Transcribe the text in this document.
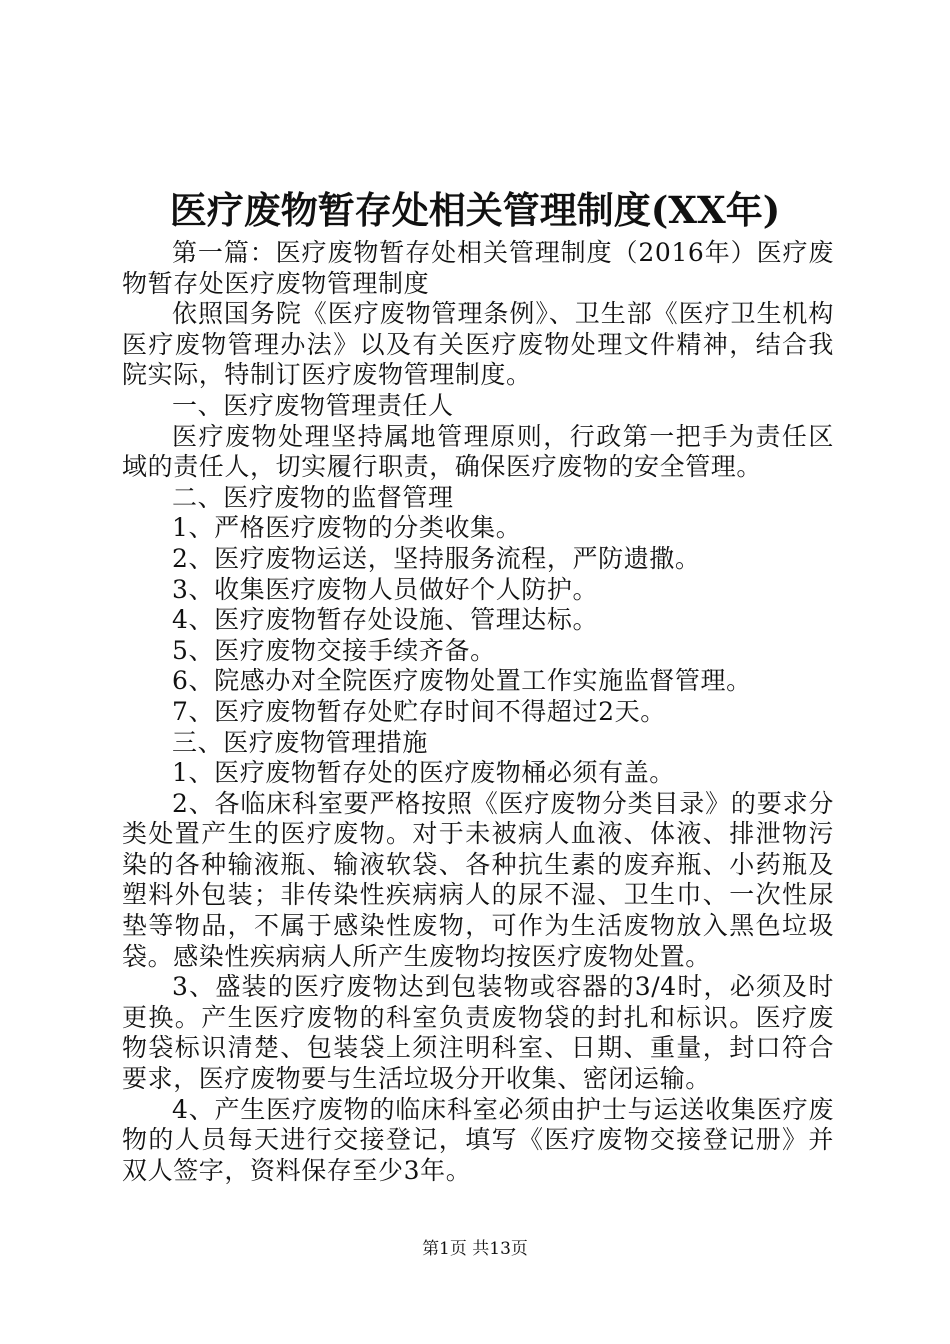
医疗废物暂存处相关管理制度(XX年)

第一篇：医疗废物暂存处相关管理制度（2016年）医疗废物暂存处医疗废物管理制度

依照国务院《医疗废物管理条例》、卫生部《医疗卫生机构医疗废物管理办法》以及有关医疗废物处理文件精神，结合我院实际，特制订医疗废物管理制度。

一、医疗废物管理责任人

医疗废物处理坚持属地管理原则，行政第一把手为责任区域的责任人，切实履行职责，确保医疗废物的安全管理。

二、医疗废物的监督管理

1、严格医疗废物的分类收集。

2、医疗废物运送，坚持服务流程，严防遗撒。

3、收集医疗废物人员做好个人防护。

4、医疗废物暂存处设施、管理达标。

5、医疗废物交接手续齐备。

6、院感办对全院医疗废物处置工作实施监督管理。

7、医疗废物暂存处贮存时间不得超过2天。

三、医疗废物管理措施

1、医疗废物暂存处的医疗废物桶必须有盖。

2、各临床科室要严格按照《医疗废物分类目录》的要求分类处置产生的医疗废物。对于未被病人血液、体液、排泄物污染的各种输液瓶、输液软袋、各种抗生素的废弃瓶、小药瓶及塑料外包装；非传染性疾病病人的尿不湿、卫生巾、一次性尿垫等物品，不属于感染性废物，可作为生活废物放入黑色垃圾袋。感染性疾病病人所产生废物均按医疗废物处置。

3、盛装的医疗废物达到包装物或容器的3/4时，必须及时更换。产生医疗废物的科室负责废物袋的封扎和标识。医疗废物袋标识清楚、包装袋上须注明科室、日期、重量，封口符合要求，医疗废物要与生活垃圾分开收集、密闭运输。

4、产生医疗废物的临床科室必须由护士与运送收集医疗废物的人员每天进行交接登记，填写《医疗废物交接登记册》并双人签字，资料保存至少3年。

第1页 共13页
